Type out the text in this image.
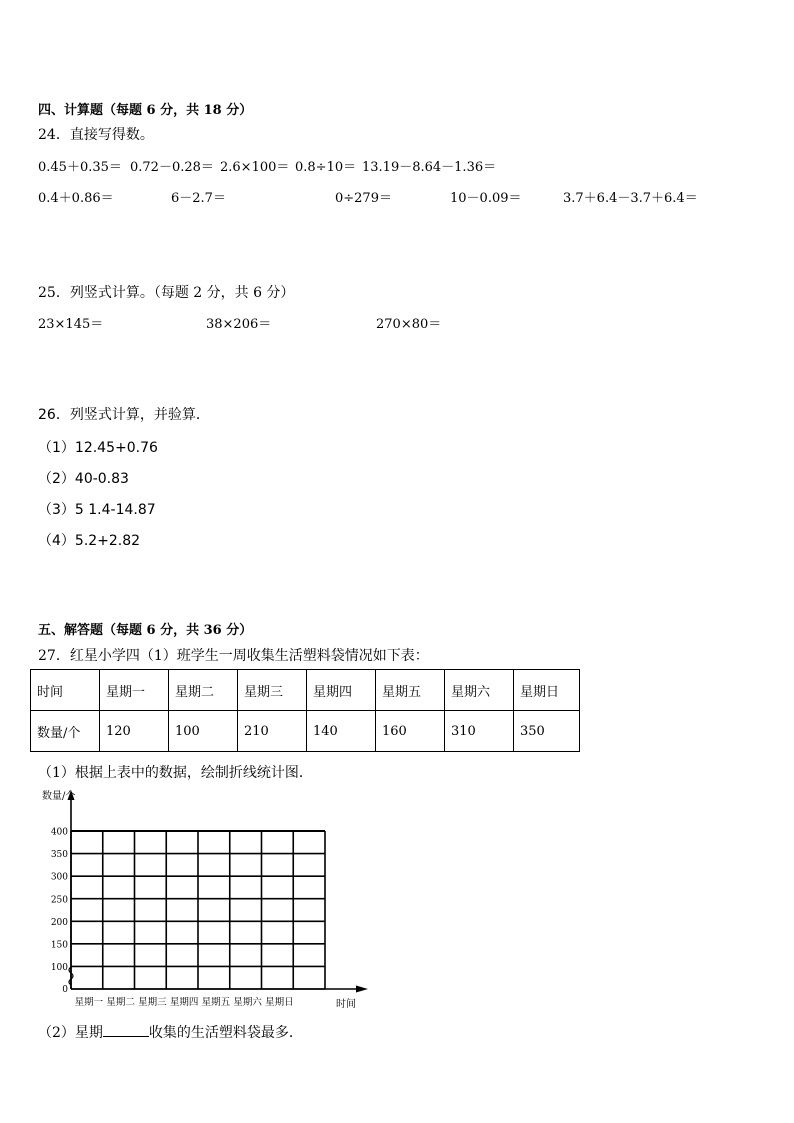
四、计算题（每题 6 分，共 18 分）
24．直接写得数。
0.45＋0.35＝ 0.72－0.28＝ 2.6×100＝ 0.8÷10＝ 13.19－8.64－1.36＝
0.4＋0.86＝	6－2.7＝	0÷279＝	10－0.09＝	3.7＋6.4－3.7＋6.4＝
25．列竖式计算。（每题 2 分，共 6 分）
23×145＝	38×206＝	270×80＝
26．列竖式计算，并验算．
（1）12.45+0.76
（2）40-0.83
（3）5 1.4-14.87
（4）5.2+2.82
五、解答题（每题 6 分，共 36 分）
27．红星小学四（1）班学生一周收集生活塑料袋情况如下表：
时间	星期一	星期二	星期三	星期四	星期五	星期六	星期日
数量/个	120	100	210	140	160	310	350
（1）根据上表中的数据，绘制折线统计图．
0
100
150
200
250
300
350
400
数量/个
星期一 星期二 星期三 星期四 星期五 星期六 星期日	时间
（2）星期	收集的生活塑料袋最多．
